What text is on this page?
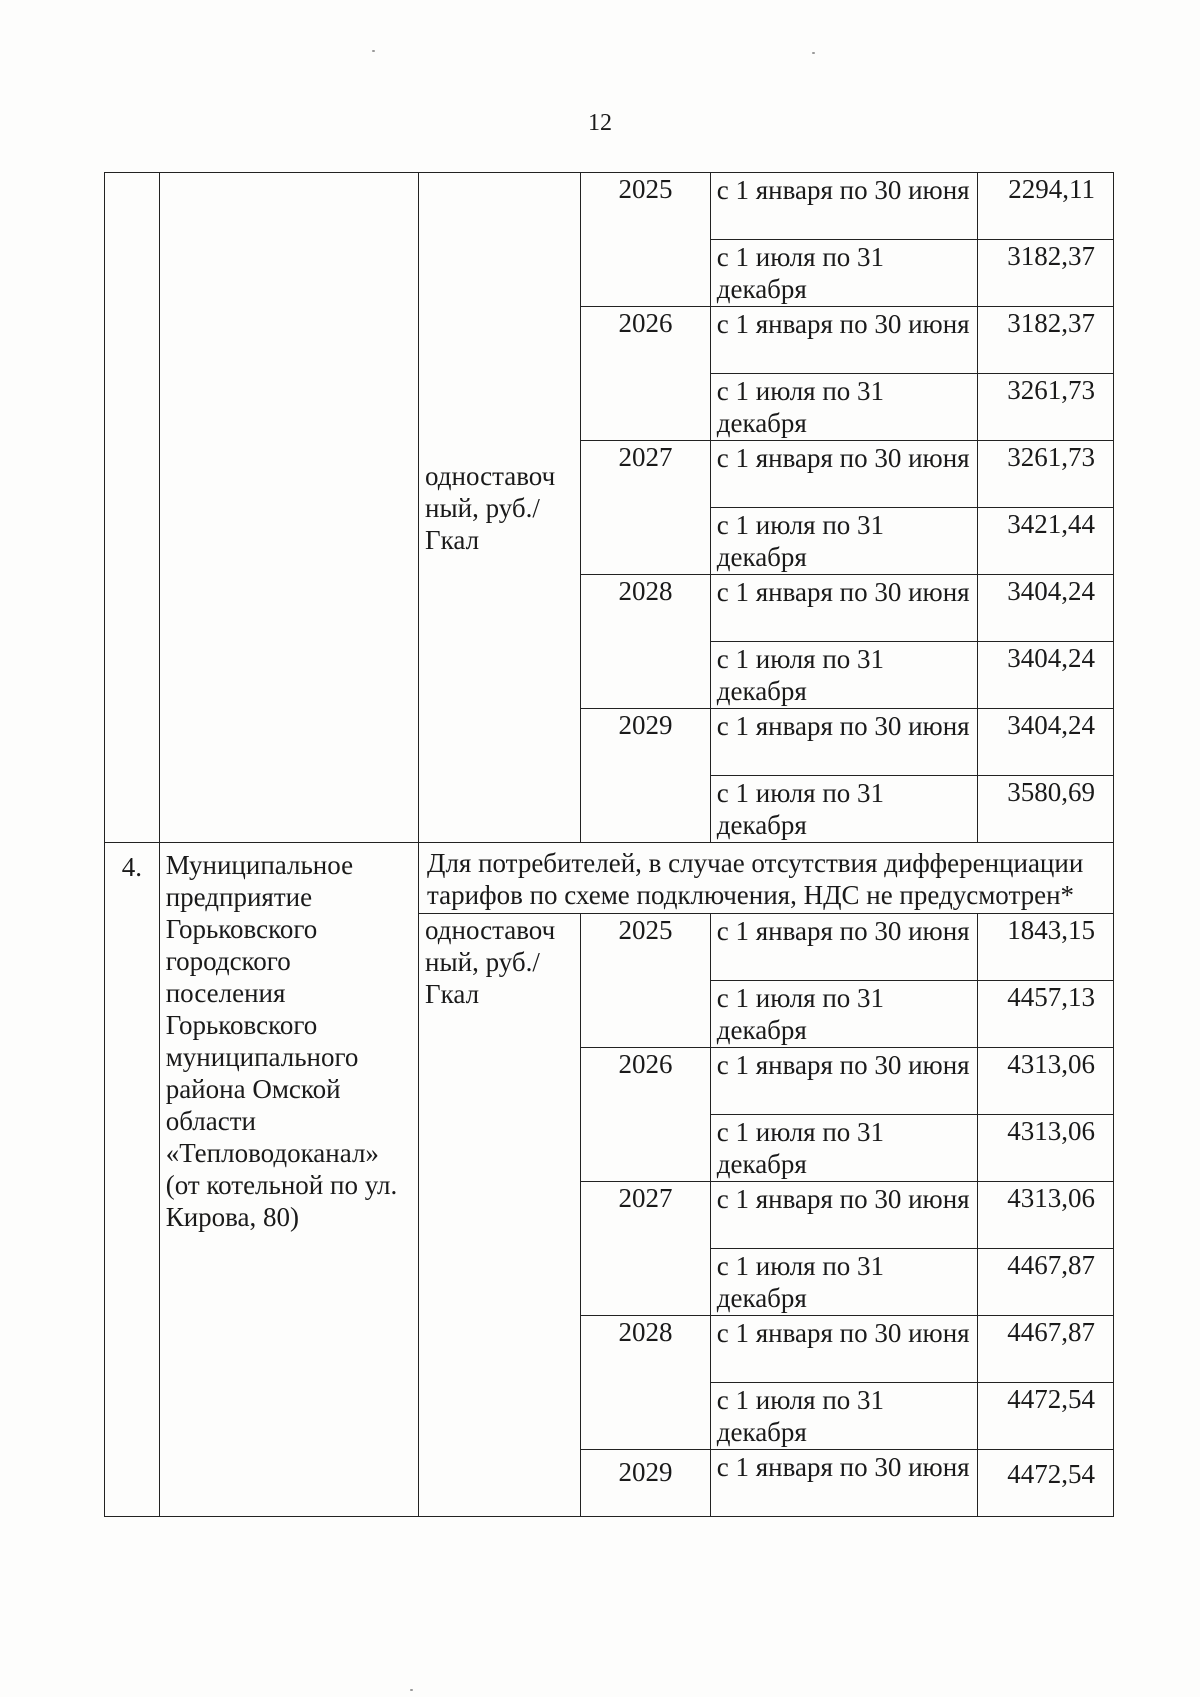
12
		одноставоч ный, руб./Гкал	2025	с 1 января по 30 июня	2294,11
				с 1 июля по 31 декабря	3182,37
			2026	с 1 января по 30 июня	3182,37
				с 1 июля по 31 декабря	3261,73
			2027	с 1 января по 30 июня	3261,73
				с 1 июля по 31 декабря	3421,44
			2028	с 1 января по 30 июня	3404,24
				с 1 июля по 31 декабря	3404,24
			2029	с 1 января по 30 июня	3404,24
				с 1 июля по 31 декабря	3580,69
4.	Муниципальное предприятие Горьковского городского поселения Горьковского муниципального района Омской области «Тепловодоканал» (от котельной по ул. Кирова, 80)	Для потребителей, в случае отсутствия дифференциации тарифов по схеме подключения, НДС не предусмотрен*			
		одноставоч ный, руб./Гкал	2025	с 1 января по 30 июня	1843,15
				с 1 июля по 31 декабря	4457,13
			2026	с 1 января по 30 июня	4313,06
				с 1 июля по 31 декабря	4313,06
			2027	с 1 января по 30 июня	4313,06
				с 1 июля по 31 декабря	4467,87
			2028	с 1 января по 30 июня	4467,87
				с 1 июля по 31 декабря	4472,54
			2029	с 1 января по 30 июня	4472,54
